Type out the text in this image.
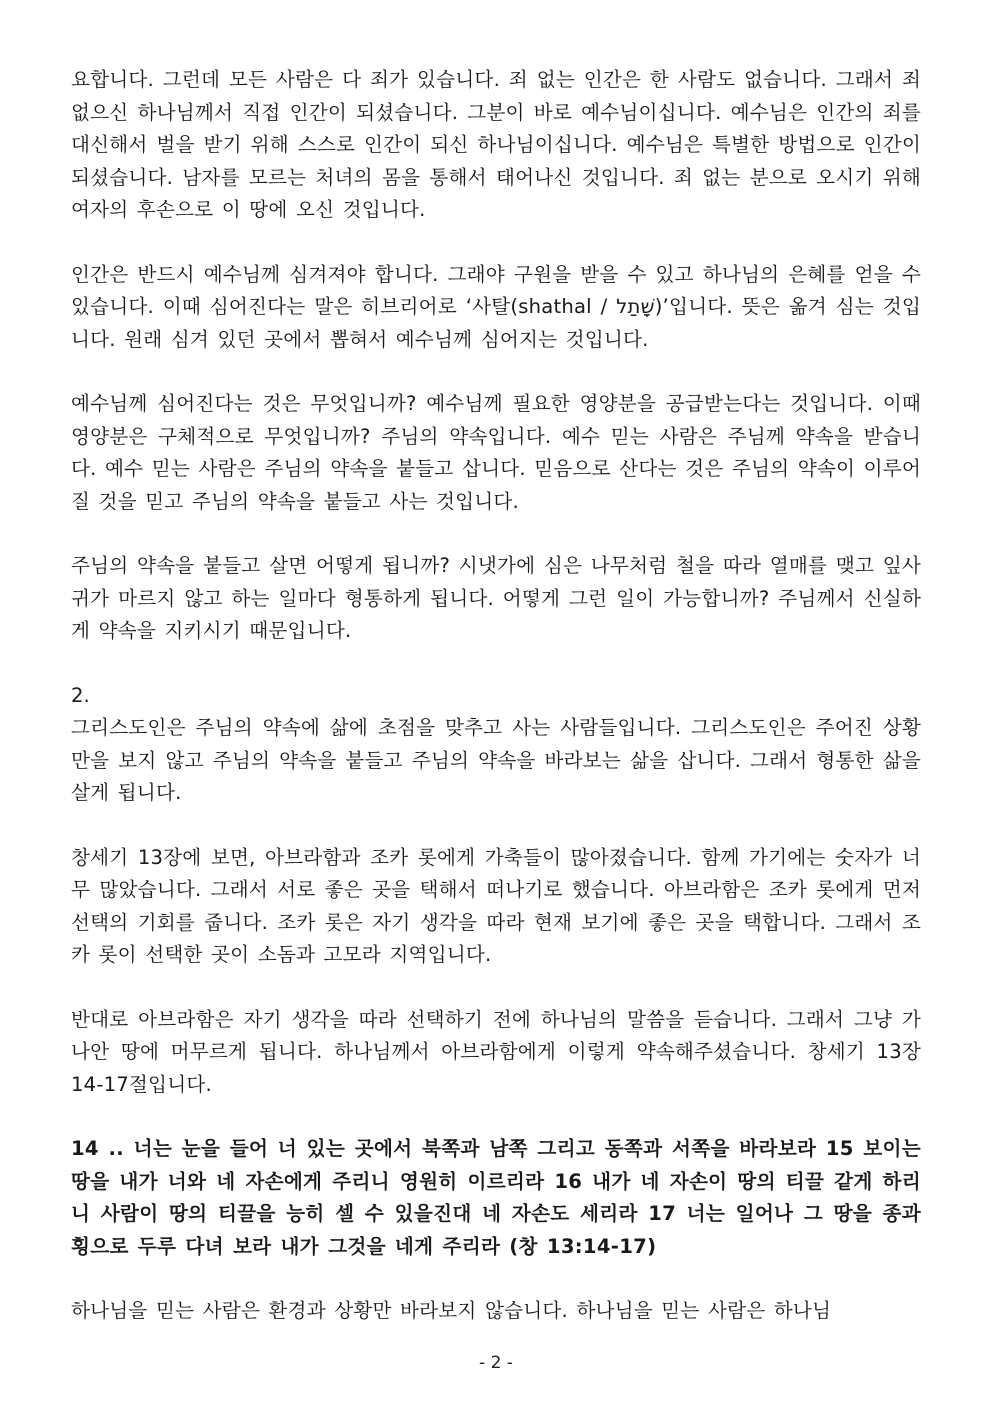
요합니다. 그런데 모든 사람은 다 죄가 있습니다. 죄 없는 인간은 한 사람도 없습니다. 그래서 죄 없으신 하나님께서 직접 인간이 되셨습니다. 그분이 바로 예수님이십니다. 예수님은 인간의 죄를 대신해서 벌을 받기 위해 스스로 인간이 되신 하나님이십니다. 예수님은 특별한 방법으로 인간이 되셨습니다. 남자를 모르는 처녀의 몸을 통해서 태어나신 것입니다. 죄 없는 분으로 오시기 위해 여자의 후손으로 이 땅에 오신 것입니다.

인간은 반드시 예수님께 심겨져야 합니다. 그래야 구원을 받을 수 있고 하나님의 은혜를 얻을 수 있습니다. 이때 심어진다는 말은 히브리어로 ‘사탈(shathal / שָׁתַל)’입니다. 뜻은 옮겨 심는 것입니다. 원래 심겨 있던 곳에서 뽑혀서 예수님께 심어지는 것입니다.

예수님께 심어진다는 것은 무엇입니까? 예수님께 필요한 영양분을 공급받는다는 것입니다. 이때 영양분은 구체적으로 무엇입니까? 주님의 약속입니다. 예수 믿는 사람은 주님께 약속을 받습니다. 예수 믿는 사람은 주님의 약속을 붙들고 삽니다. 믿음으로 산다는 것은 주님의 약속이 이루어질 것을 믿고 주님의 약속을 붙들고 사는 것입니다.

주님의 약속을 붙들고 살면 어떻게 됩니까? 시냇가에 심은 나무처럼 철을 따라 열매를 맺고 잎사귀가 마르지 않고 하는 일마다 형통하게 됩니다. 어떻게 그런 일이 가능합니까? 주님께서 신실하게 약속을 지키시기 때문입니다.

2.

그리스도인은 주님의 약속에 삶에 초점을 맞추고 사는 사람들입니다. 그리스도인은 주어진 상황만을 보지 않고 주님의 약속을 붙들고 주님의 약속을 바라보는 삶을 삽니다. 그래서 형통한 삶을 살게 됩니다.

창세기 13장에 보면, 아브라함과 조카 롯에게 가축들이 많아졌습니다. 함께 가기에는 숫자가 너무 많았습니다. 그래서 서로 좋은 곳을 택해서 떠나기로 했습니다. 아브라함은 조카 롯에게 먼저 선택의 기회를 줍니다. 조카 롯은 자기 생각을 따라 현재 보기에 좋은 곳을 택합니다. 그래서 조카 롯이 선택한 곳이 소돔과 고모라 지역입니다.

반대로 아브라함은 자기 생각을 따라 선택하기 전에 하나님의 말씀을 듣습니다. 그래서 그냥 가나안 땅에 머무르게 됩니다. 하나님께서 아브라함에게 이렇게 약속해주셨습니다. 창세기 13장 14-17절입니다.

14 .. 너는 눈을 들어 너 있는 곳에서 북쪽과 남쪽 그리고 동쪽과 서쪽을 바라보라 15 보이는 땅을 내가 너와 네 자손에게 주리니 영원히 이르리라 16 내가 네 자손이 땅의 티끌 같게 하리니 사람이 땅의 티끌을 능히 셀 수 있을진대 네 자손도 세리라 17 너는 일어나 그 땅을 종과 횡으로 두루 다녀 보라 내가 그것을 네게 주리라 (창 13:14-17)

하나님을 믿는 사람은 환경과 상황만 바라보지 않습니다. 하나님을 믿는 사람은 하나님

- 2 -
